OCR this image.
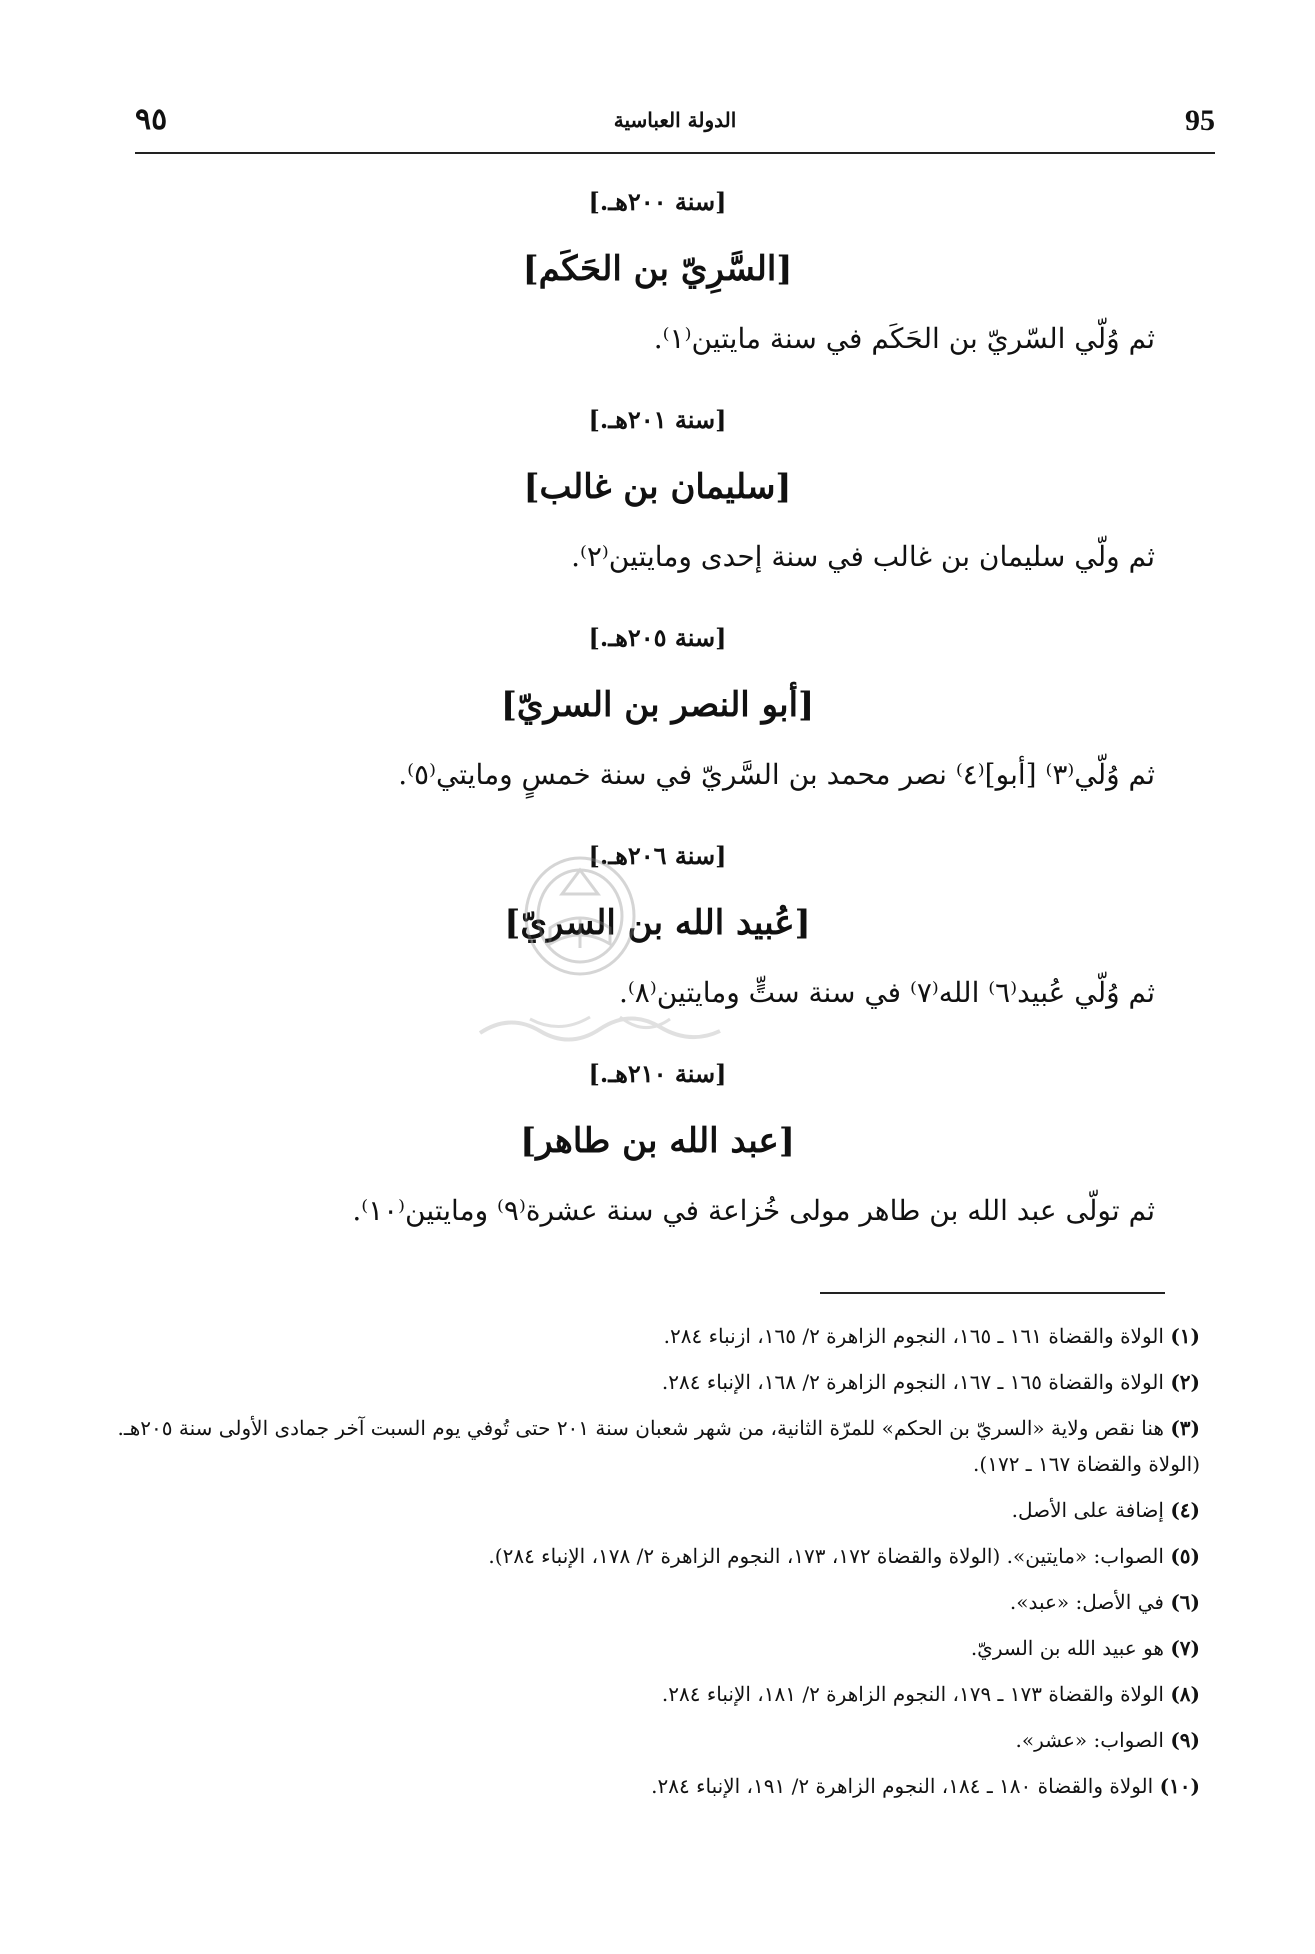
95
الدولة العباسية
٩٥
[سنة ٢٠٠هـ.]
[السَّرِيّ بن الحَكَم]
ثم وُلّي السّريّ بن الحَكَم في سنة مايتين⁽١⁾.
[سنة ٢٠١هـ.]
[سليمان بن غالب]
ثم ولّي سليمان بن غالب في سنة إحدى ومايتين⁽٢⁾.
[سنة ٢٠٥هـ.]
[أبو النصر بن السريّ]
ثم وُلّي⁽٣⁾ [أبو]⁽٤⁾ نصر محمد بن السَّريّ في سنة خمسٍ ومايتي⁽٥⁾.
[سنة ٢٠٦هـ.]
[عُبيد الله بن السريّ]
ثم وُلّي عُبيد⁽٦⁾ الله⁽٧⁾ في سنة ستٍّ ومايتين⁽٨⁾.
[سنة ٢١٠هـ.]
[عبد الله بن طاهر]
ثم تولّى عبد الله بن طاهر مولى خُزاعة في سنة عشرة⁽٩⁾ ومايتين⁽١٠⁾.
(١) الولاة والقضاة ١٦١ ـ ١٦٥، النجوم الزاهرة ٢/ ١٦٥، ازنباء ٢٨٤.
(٢) الولاة والقضاة ١٦٥ ـ ١٦٧، النجوم الزاهرة ٢/ ١٦٨، الإنباء ٢٨٤.
(٣) هنا نقص ولاية «السريّ بن الحكم» للمرّة الثانية، من شهر شعبان سنة ٢٠١ حتى تُوفي يوم السبت آخر جمادى الأولى سنة ٢٠٥هـ. (الولاة والقضاة ١٦٧ ـ ١٧٢).
(٤) إضافة على الأصل.
(٥) الصواب: «مايتين». (الولاة والقضاة ١٧٢، ١٧٣، النجوم الزاهرة ٢/ ١٧٨، الإنباء ٢٨٤).
(٦) في الأصل: «عبد».
(٧) هو عبيد الله بن السريّ.
(٨) الولاة والقضاة ١٧٣ ـ ١٧٩، النجوم الزاهرة ٢/ ١٨١، الإنباء ٢٨٤.
(٩) الصواب: «عشر».
(١٠) الولاة والقضاة ١٨٠ ـ ١٨٤، النجوم الزاهرة ٢/ ١٩١، الإنباء ٢٨٤.
